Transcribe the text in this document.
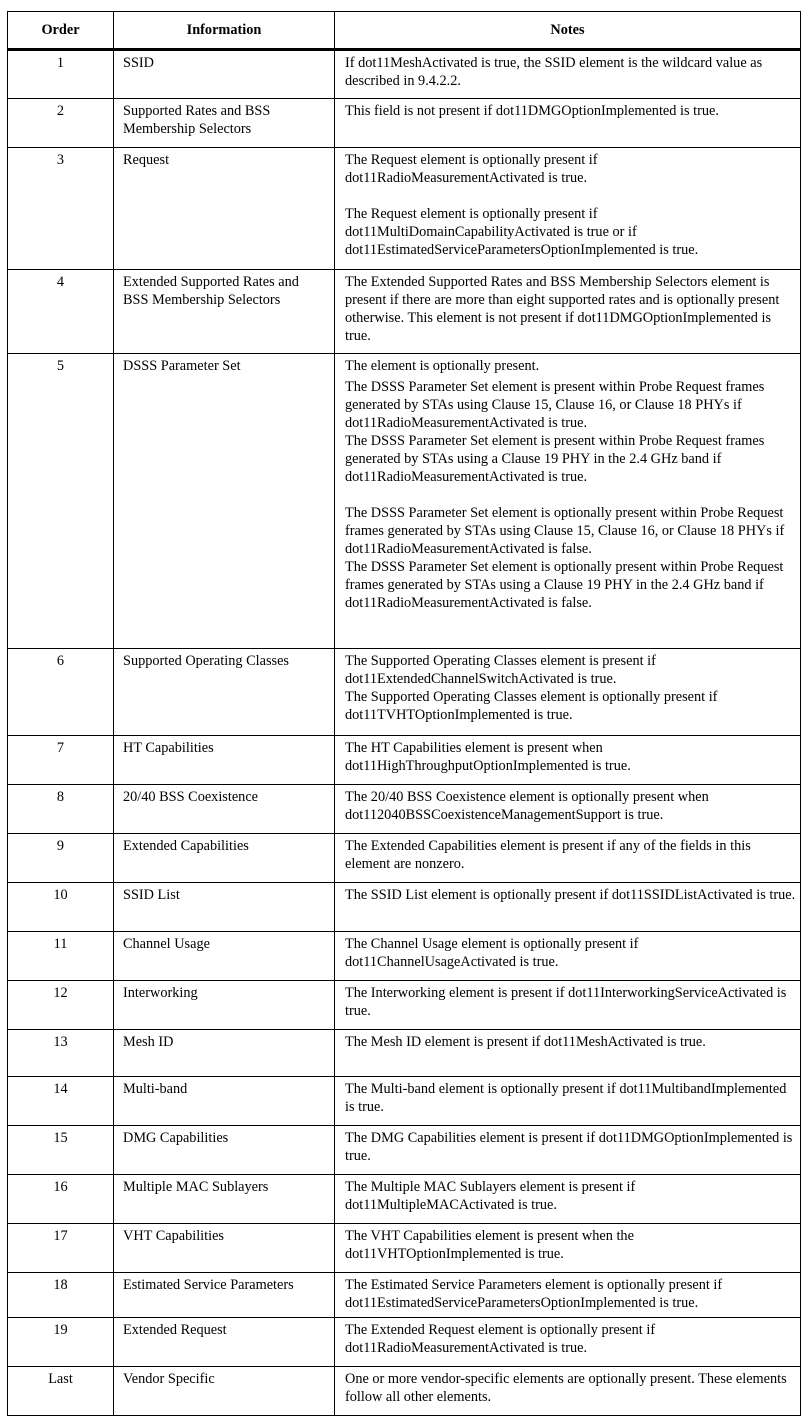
Order	Information	Notes
1	SSID	If dot11MeshActivated is true, the SSID element is the wildcard value as described in 9.4.2.2.

2	Supported Rates and BSS Membership Selectors	This field is not present if dot11DMGOptionImplemented is true.

3	Request	The Request element is optionally present if dot11RadioMeasurementActivated is true.
The Request element is optionally present if dot11MultiDomainCapabilityActivated is true or if dot11EstimatedServiceParametersOptionImplemented is true.

4	Extended Supported Rates and BSS Membership Selectors	The Extended Supported Rates and BSS Membership Selectors element is present if there are more than eight supported rates and is optionally present otherwise. This element is not present if dot11DMGOptionImplemented is true.

5	DSSS Parameter Set	The element is optionally present.
The DSSS Parameter Set element is present within Probe Request frames generated by STAs using Clause 15, Clause 16, or Clause 18 PHYs if dot11RadioMeasurementActivated is true.
The DSSS Parameter Set element is present within Probe Request frames generated by STAs using a Clause 19 PHY in the 2.4 GHz band if dot11RadioMeasurementActivated is true.
The DSSS Parameter Set element is optionally present within Probe Request frames generated by STAs using Clause 15, Clause 16, or Clause 18 PHYs if dot11RadioMeasurementActivated is false.
The DSSS Parameter Set element is optionally present within Probe Request frames generated by STAs using a Clause 19 PHY in the 2.4 GHz band if dot11RadioMeasurementActivated is false.

6	Supported Operating Classes	The Supported Operating Classes element is present if dot11ExtendedChannelSwitchActivated is true.
The Supported Operating Classes element is optionally present if dot11TVHTOptionImplemented is true.

7	HT Capabilities	The HT Capabilities element is present when dot11HighThroughputOptionImplemented is true.

8	20/40 BSS Coexistence	The 20/40 BSS Coexistence element is optionally present when dot112040BSSCoexistenceManagementSupport is true.

9	Extended Capabilities	The Extended Capabilities element is present if any of the fields in this element are nonzero.

10	SSID List	The SSID List element is optionally present if dot11SSIDListActivated is true.

11	Channel Usage	The Channel Usage element is optionally present if dot11ChannelUsageActivated is true.

12	Interworking	The Interworking element is present if dot11InterworkingServiceActivated is true.

13	Mesh ID	The Mesh ID element is present if dot11MeshActivated is true.

14	Multi-band	The Multi-band element is optionally present if dot11MultibandImplemented is true.

15	DMG Capabilities	The DMG Capabilities element is present if dot11DMGOptionImplemented is true.

16	Multiple MAC Sublayers	The Multiple MAC Sublayers element is present if dot11MultipleMACActivated is true.

17	VHT Capabilities	The VHT Capabilities element is present when the dot11VHTOptionImplemented is true.

18	Estimated Service Parameters	The Estimated Service Parameters element is optionally present if dot11EstimatedServiceParametersOptionImplemented is true.

19	Extended Request	The Extended Request element is optionally present if dot11RadioMeasurementActivated is true.

Last	Vendor Specific	One or more vendor-specific elements are optionally present. These elements follow all other elements.
